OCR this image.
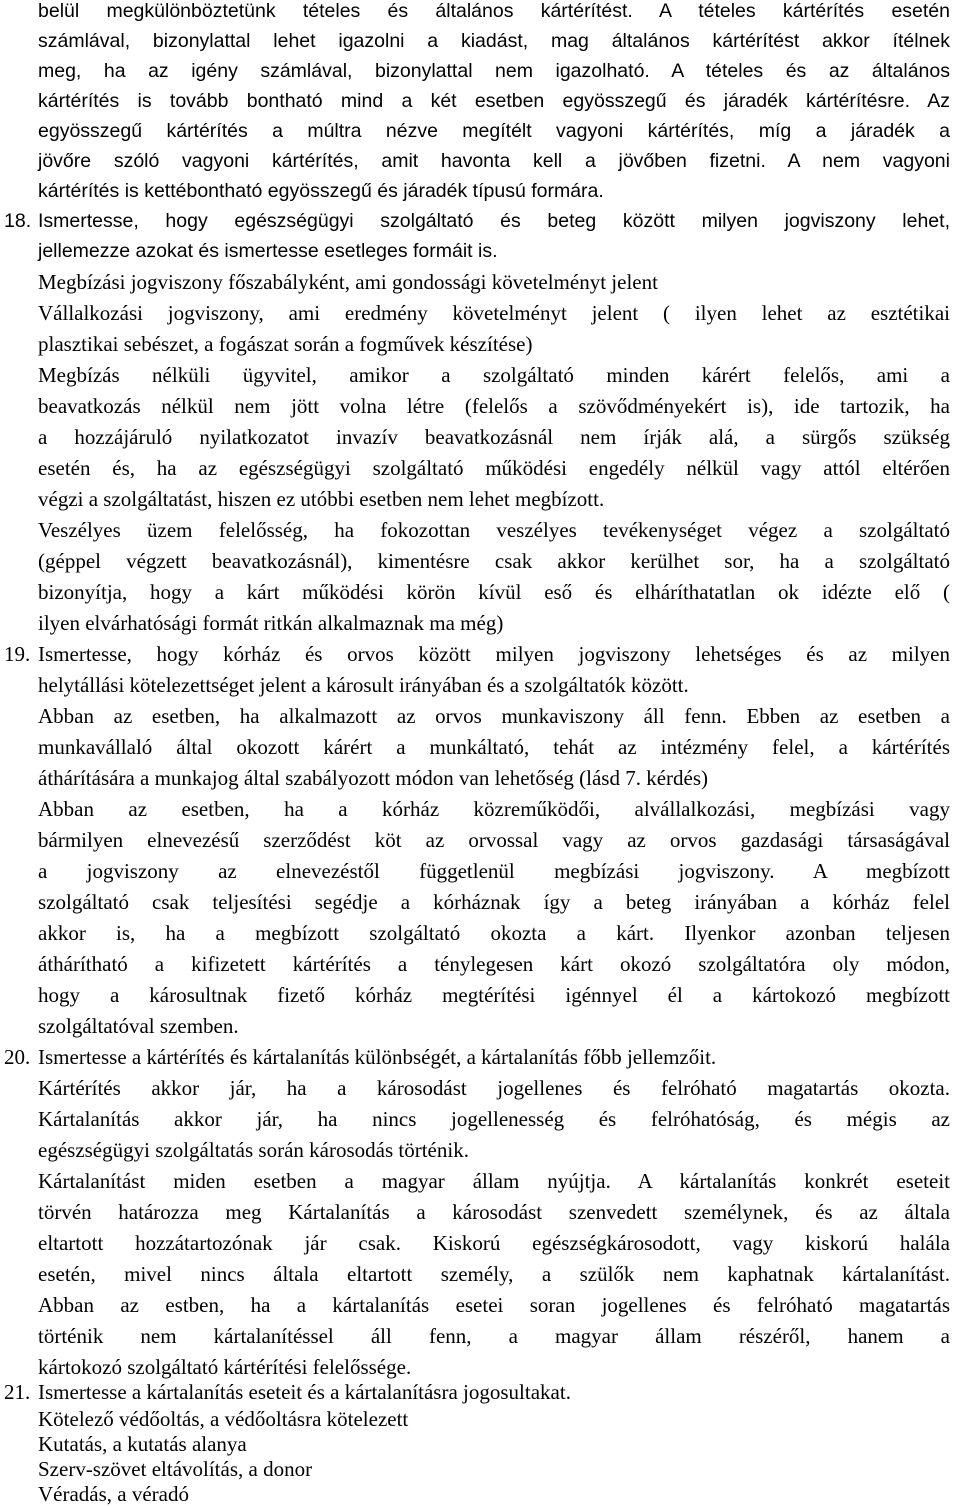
belül megkülönböztetünk tételes és általános kártérítést. A tételes kártérítés esetén
számlával, bizonylattal lehet igazolni a kiadást, mag általános kártérítést akkor ítélnek
meg, ha az igény számlával, bizonylattal nem igazolható. A tételes és az általános
kártérítés is tovább bontható mind a két esetben egyösszegű és járadék kártérítésre. Az
egyösszegű kártérítés a múltra nézve megítélt vagyoni kártérítés, míg a járadék a
jövőre szóló vagyoni kártérítés, amit havonta kell a jövőben fizetni. A nem vagyoni
kártérítés is kettébontható egyösszegű és járadék típusú formára.
18. Ismertesse, hogy egészségügyi szolgáltató és beteg között milyen jogviszony lehet,
jellemezze azokat és ismertesse esetleges formáit is.
Megbízási jogviszony főszabályként, ami gondossági követelményt jelent
Vállalkozási jogviszony, ami eredmény követelményt jelent ( ilyen lehet az esztétikai
plasztikai sebészet, a fogászat során a fogművek készítése)
Megbízás nélküli ügyvitel, amikor a szolgáltató minden kárért felelős, ami a
beavatkozás nélkül nem jött volna létre (felelős a szövődményekért is), ide tartozik, ha
a hozzájáruló nyilatkozatot invazív beavatkozásnál nem írják alá, a sürgős szükség
esetén és, ha az egészségügyi szolgáltató működési engedély nélkül vagy attól eltérően
végzi a szolgáltatást, hiszen ez utóbbi esetben nem lehet megbízott.
Veszélyes üzem felelősség, ha fokozottan veszélyes tevékenységet végez a szolgáltató
(géppel végzett beavatkozásnál), kimentésre csak akkor kerülhet sor, ha a szolgáltató
bizonyítja, hogy a kárt működési körön kívül eső és elháríthatatlan ok idézte elő (
ilyen elvárhatósági formát ritkán alkalmaznak ma még)
19. Ismertesse, hogy kórház és orvos között milyen jogviszony lehetséges és az milyen
helytállási kötelezettséget jelent a károsult irányában és a szolgáltatók között.
Abban az esetben, ha alkalmazott az orvos munkaviszony áll fenn. Ebben az esetben a
munkavállaló által okozott kárért a munkáltató, tehát az intézmény felel, a kártérítés
áthárítására a munkajog által szabályozott módon van lehetőség (lásd 7. kérdés)
Abban az esetben, ha a kórház közreműködői, alvállalkozási, megbízási vagy
bármilyen elnevezésű szerződést köt az orvossal vagy az orvos gazdasági társaságával
a jogviszony az elnevezéstől függetlenül megbízási jogviszony. A megbízott
szolgáltató csak teljesítési segédje a kórháznak így a beteg irányában a kórház felel
akkor is, ha a megbízott szolgáltató okozta a kárt. Ilyenkor azonban teljesen
áthárítható a kifizetett kártérítés a ténylegesen kárt okozó szolgáltatóra oly módon,
hogy a károsultnak fizető kórház megtérítési igénnyel él a kártokozó megbízott
szolgáltatóval szemben.
20. Ismertesse a kártérítés és kártalanítás különbségét, a kártalanítás főbb jellemzőit.
Kártérítés akkor jár, ha a károsodást jogellenes és felróható magatartás okozta.
Kártalanítás akkor jár, ha nincs jogellenesség és felróhatóság, és mégis az
egészségügyi szolgáltatás során károsodás történik.
Kártalanítást miden esetben a magyar állam nyújtja. A kártalanítás konkrét eseteit
törvén határozza meg Kártalanítás a károsodást szenvedett személynek, és az általa
eltartott hozzátartozónak jár csak. Kiskorú egészségkárosodott, vagy kiskorú halála
esetén, mivel nincs általa eltartott személy, a szülők nem kaphatnak kártalanítást.
Abban az estben, ha a kártalanítás esetei soran jogellenes és felróható magatartás
történik nem kártalanítéssel áll fenn, a magyar állam részéről, hanem a
kártokozó szolgáltató kártérítési felelőssége.
21. Ismertesse a kártalanítás eseteit és a kártalanításra jogosultakat.
Kötelező védőoltás, a védőoltásra kötelezett
Kutatás, a kutatás alanya
Szerv-szövet eltávolítás, a donor
Véradás, a véradó
